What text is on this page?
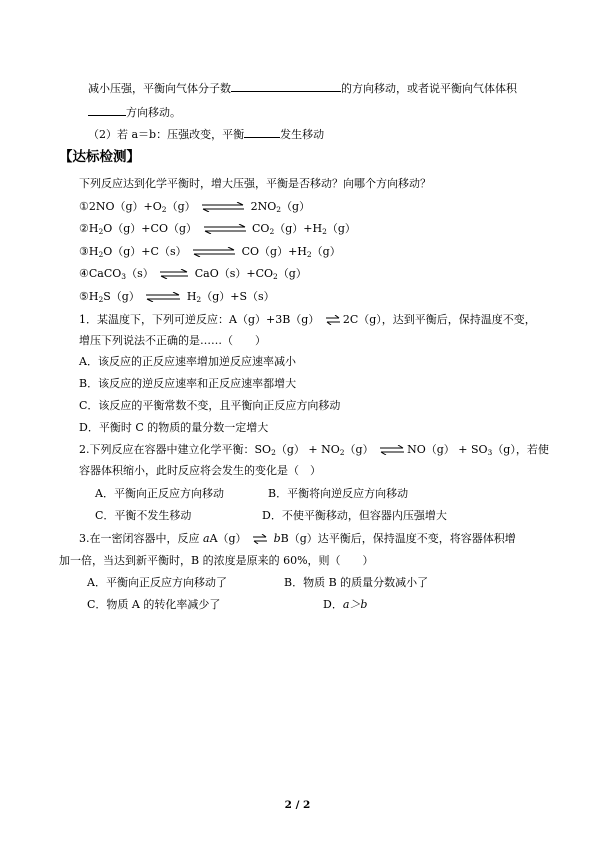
减小压强，平衡向气体分子数	的方向移动，或者说平衡向气体体积
方向移动。
（2）若 a＝b：压强改变，平衡	发生移动
【达标检测】
下列反应达到化学平衡时，增大压强，平衡是否移动？向哪个方向移动？
$①2NO(g)+O_2(g)$ ⇌ $2NO_2(g)$
$②H_2O(g)+CO(g)$ ⇌ $CO_2(g)+H_2(g)$
$③H_2O(g)+C(s)$ ⇌ $CO(g)+H_2(g)$
④CaCO$_3$（s） ⇌ $CaO(s)+CO_2(g)$
$⑤H_2S(g)$ ⇌ $H_2(g)+S(s)$
1．某温度下，下列可逆反应：A（g）+3B（g） ⇌ 2C（g），达到平衡后，保持温度不变，
增压下列说法不正确的是……（　　）
A．该反应的正反应速率增加逆反应速率减小
B．该反应的逆反应速率和正反应速率都增大
C．该反应的平衡常数不变，且平衡向正反应方向移动
D．平衡时 C 的物质的量分数一定增大
2.下列反应在容器中建立化学平衡：$SO_2(g) + NO_2(g)$ ⇌ $NO(g) + SO_3(g)$，若使
容器体积缩小，此时反应将会发生的变化是（　）
A．平衡向正反应方向移动	B．平衡将向逆反应方向移动
C．平衡不发生移动	D．不使平衡移动，但容器内压强增大
3.在一密闭容器中，反应 aA（g） ⇌ bB（g）达平衡后，保持温度不变，将容器体积增
加一倍，当达到新平衡时，B 的浓度是原来的 60%，则（　　）
A．平衡向正反应方向移动了	B．物质 B 的质量分数减小了
C．物质 A 的转化率减少了	D．a＞b
2 / 2
